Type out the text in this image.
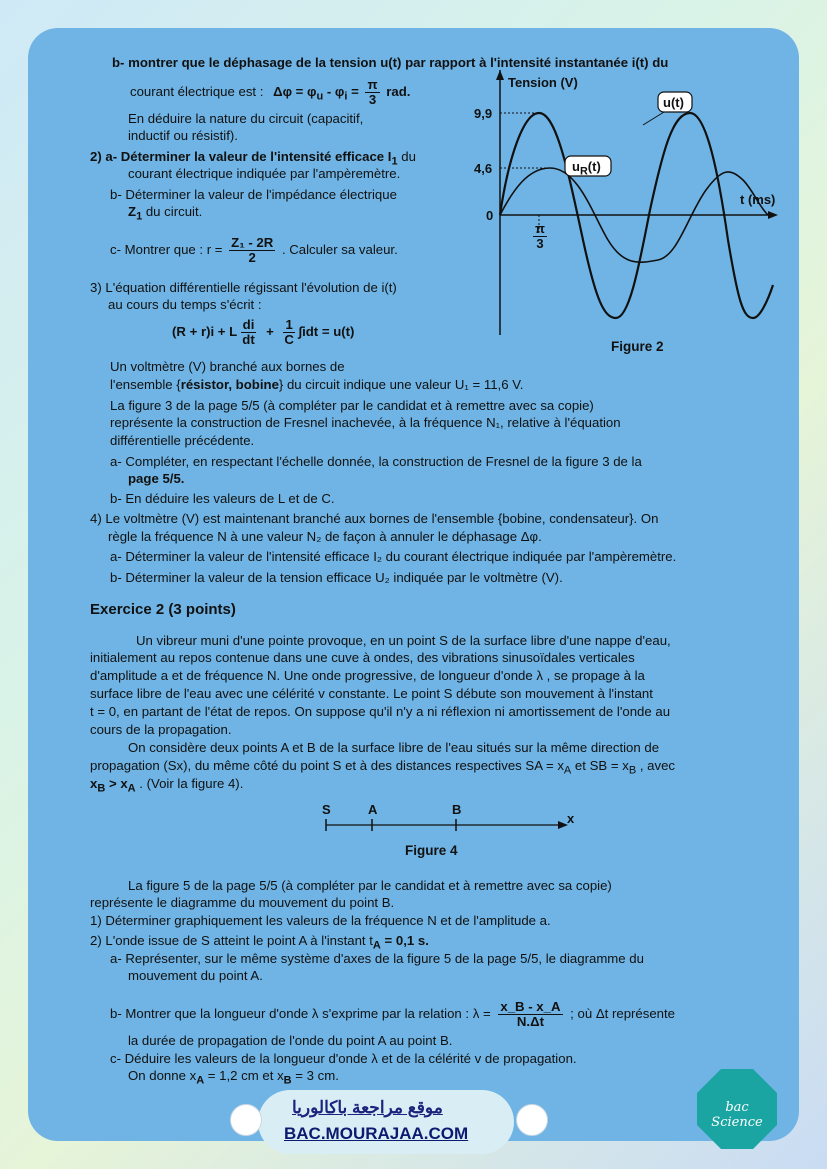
b- montrer que le déphasage de la tension u(t) par rapport à l'intensité instantanée i(t) du
courant électrique est : $\Delta\varphi = \varphi_u - \varphi_i = \frac{\pi}{3}$ rad.
En déduire la nature du circuit (capacitif,
inductif ou résistif).
2) a- Déterminer la valeur de l'intensité efficace $I_1$ du
courant électrique indiquée par l'ampèremètre.
b- Déterminer la valeur de l'impédance électrique
$Z_1$ du circuit.
c- Montrer que : $r = \frac{\text{Z₁ - 2R}}{2}$ . Calculer sa valeur.
3) L'équation différentielle régissant l'évolution de i(t)
au cours du temps s'écrit :
(R + r)i + L $\frac{di}{dt} + \frac{1}{C} \int idt = u(t)$
Un voltmètre (V) branché aux bornes de
l'ensemble {résistor, bobine} du circuit indique une valeur U₁ = 11,6 V.
La figure 3 de la page 5/5 (à compléter par le candidat et à remettre avec sa copie)
représente la construction de Fresnel inachevée, à la fréquence N₁, relative à l'équation
différentielle précédente.
a- Compléter, en respectant l'échelle donnée, la construction de Fresnel de la figure 3 de la
page 5/5.
b- En déduire les valeurs de L et de C.
4) Le voltmètre (V) est maintenant branché aux bornes de l'ensemble {bobine, condensateur}. On
règle la fréquence N à une valeur N₂ de façon à annuler le déphasage Δφ.
a- Déterminer la valeur de l'intensité efficace I₂ du courant électrique indiquée par l'ampèremètre.
b- Déterminer la valeur de la tension efficace U₂ indiquée par le voltmètre (V).
Tension (V)
9,9
4,6
0
t (ms)
$\frac{\pi}{3}$
u(t)
$u_R(t)$
Figure 2
Exercice 2 (3 points)
Un vibreur muni d'une pointe provoque, en un point S de la surface libre d'une nappe d'eau,
initialement au repos contenue dans une cuve à ondes, des vibrations sinusoïdales verticales
d'amplitude a et de fréquence N. Une onde progressive, de longueur d'onde λ , se propage à la
surface libre de l'eau avec une célérité v constante. Le point S débute son mouvement à l'instant
t = 0, en partant de l'état de repos. On suppose qu'il n'y a ni réflexion ni amortissement de l'onde au
cours de la propagation.
On considère deux points A et B de la surface libre de l'eau situés sur la même direction de
propagation (Sx), du même côté du point S et à des distances respectives SA = $x_A$ et SB = $x_B$ , avec
$x_B > x_A$ . (Voir la figure 4).
S	A	B
x
Figure 4
La figure 5 de la page 5/5 (à compléter par le candidat et à remettre avec sa copie)
représente le diagramme du mouvement du point B.
1) Déterminer graphiquement les valeurs de la fréquence N et de l'amplitude a.
2) L'onde issue de S atteint le point A à l'instant $t_A = 0,1$ s.
a- Représenter, sur le même système d'axes de la figure 5 de la page 5/5, le diagramme du
mouvement du point A.
b- Montrer que la longueur d'onde λ s'exprime par la relation : $\lambda = \frac{x\_B - x\_A}{N.\Delta t}$ ; où Δt représente
la durée de propagation de l'onde du point A au point B.
c- Déduire les valeurs de la longueur d'onde λ et de la célérité v de propagation.
On donne $x_A = 1,2$ cm et $x_B = 3$ cm.
موقع مراجعة باكالوريا
BAC.MOURAJAA.COM
bac Science
